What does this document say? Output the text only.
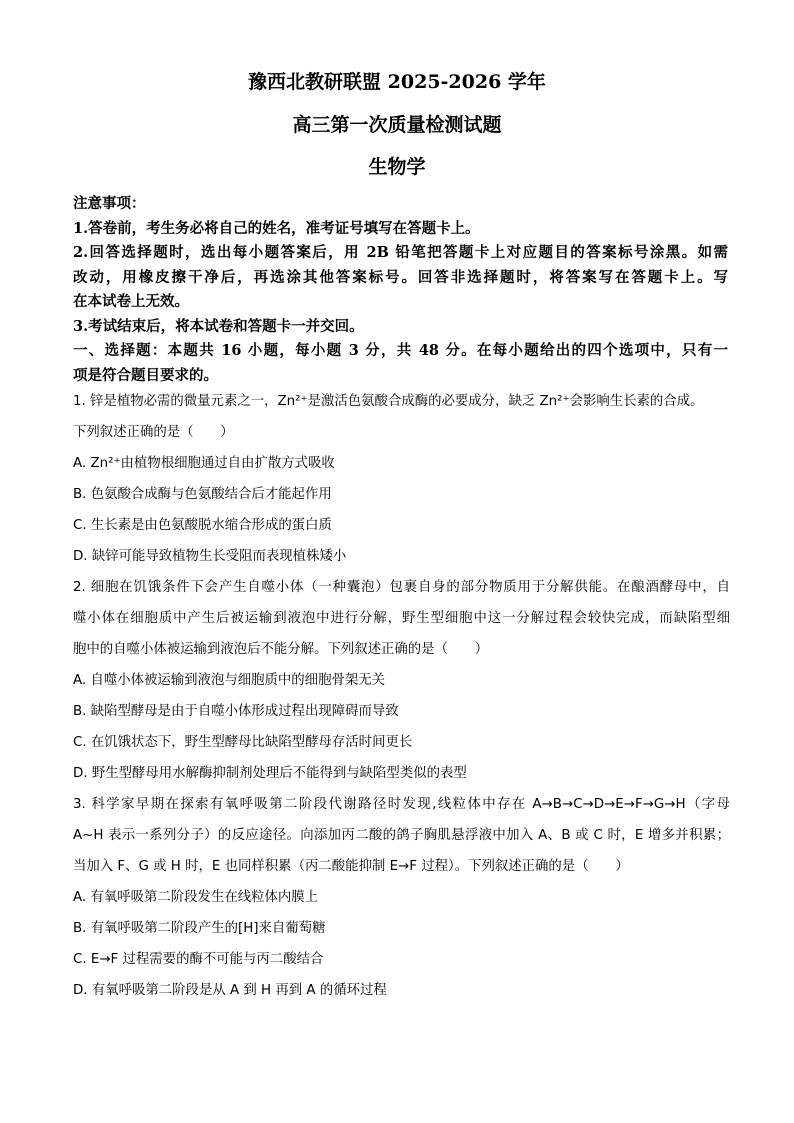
豫西北教研联盟 2025-2026 学年
高三第一次质量检测试题
生物学

注意事项：

1.答卷前，考生务必将自己的姓名，准考证号填写在答题卡上。

2.回答选择题时，选出每小题答案后，用 2B 铅笔把答题卡上对应题目的答案标号涂黑。如需

改动，用橡皮擦干净后，再选涂其他答案标号。回答非选择题时，将答案写在答题卡上。写

在本试卷上无效。

3.考试结束后，将本试卷和答题卡一并交回。

一、选择题：本题共 16 小题，每小题 3 分，共 48 分。在每小题给出的四个选项中，只有一

项是符合题目要求的。

1. 锌是植物必需的微量元素之一，Zn²⁺是激活色氨酸合成酶的必要成分，缺乏 Zn²⁺会影响生长素的合成。

下列叙述正确的是（　　）

A. Zn²⁺由植物根细胞通过自由扩散方式吸收

B. 色氨酸合成酶与色氨酸结合后才能起作用

C. 生长素是由色氨酸脱水缩合形成的蛋白质

D. 缺锌可能导致植物生长受阻而表现植株矮小

2. 细胞在饥饿条件下会产生自噬小体（一种囊泡）包裹自身的部分物质用于分解供能。在酿酒酵母中，自

噬小体在细胞质中产生后被运输到液泡中进行分解，野生型细胞中这一分解过程会较快完成，而缺陷型细

胞中的自噬小体被运输到液泡后不能分解。下列叙述正确的是（　　）

A. 自噬小体被运输到液泡与细胞质中的细胞骨架无关

B. 缺陷型酵母是由于自噬小体形成过程出现障碍而导致

C. 在饥饿状态下，野生型酵母比缺陷型酵母存活时间更长

D. 野生型酵母用水解酶抑制剂处理后不能得到与缺陷型类似的表型

3. 科学家早期在探索有氧呼吸第二阶段代谢路径时发现,线粒体中存在 A→B→C→D→E→F→G→H（字母

A~H 表示一系列分子）的反应途径。向添加丙二酸的鸽子胸肌悬浮液中加入 A、B 或 C 时，E 增多并积累；

当加入 F、G 或 H 时，E 也同样积累（丙二酸能抑制 E→F 过程）。下列叙述正确的是（　　）

A. 有氧呼吸第二阶段发生在线粒体内膜上

B. 有氧呼吸第二阶段产生的[H]来自葡萄糖

C. E→F 过程需要的酶不可能与丙二酸结合

D. 有氧呼吸第二阶段是从 A 到 H 再到 A 的循环过程
